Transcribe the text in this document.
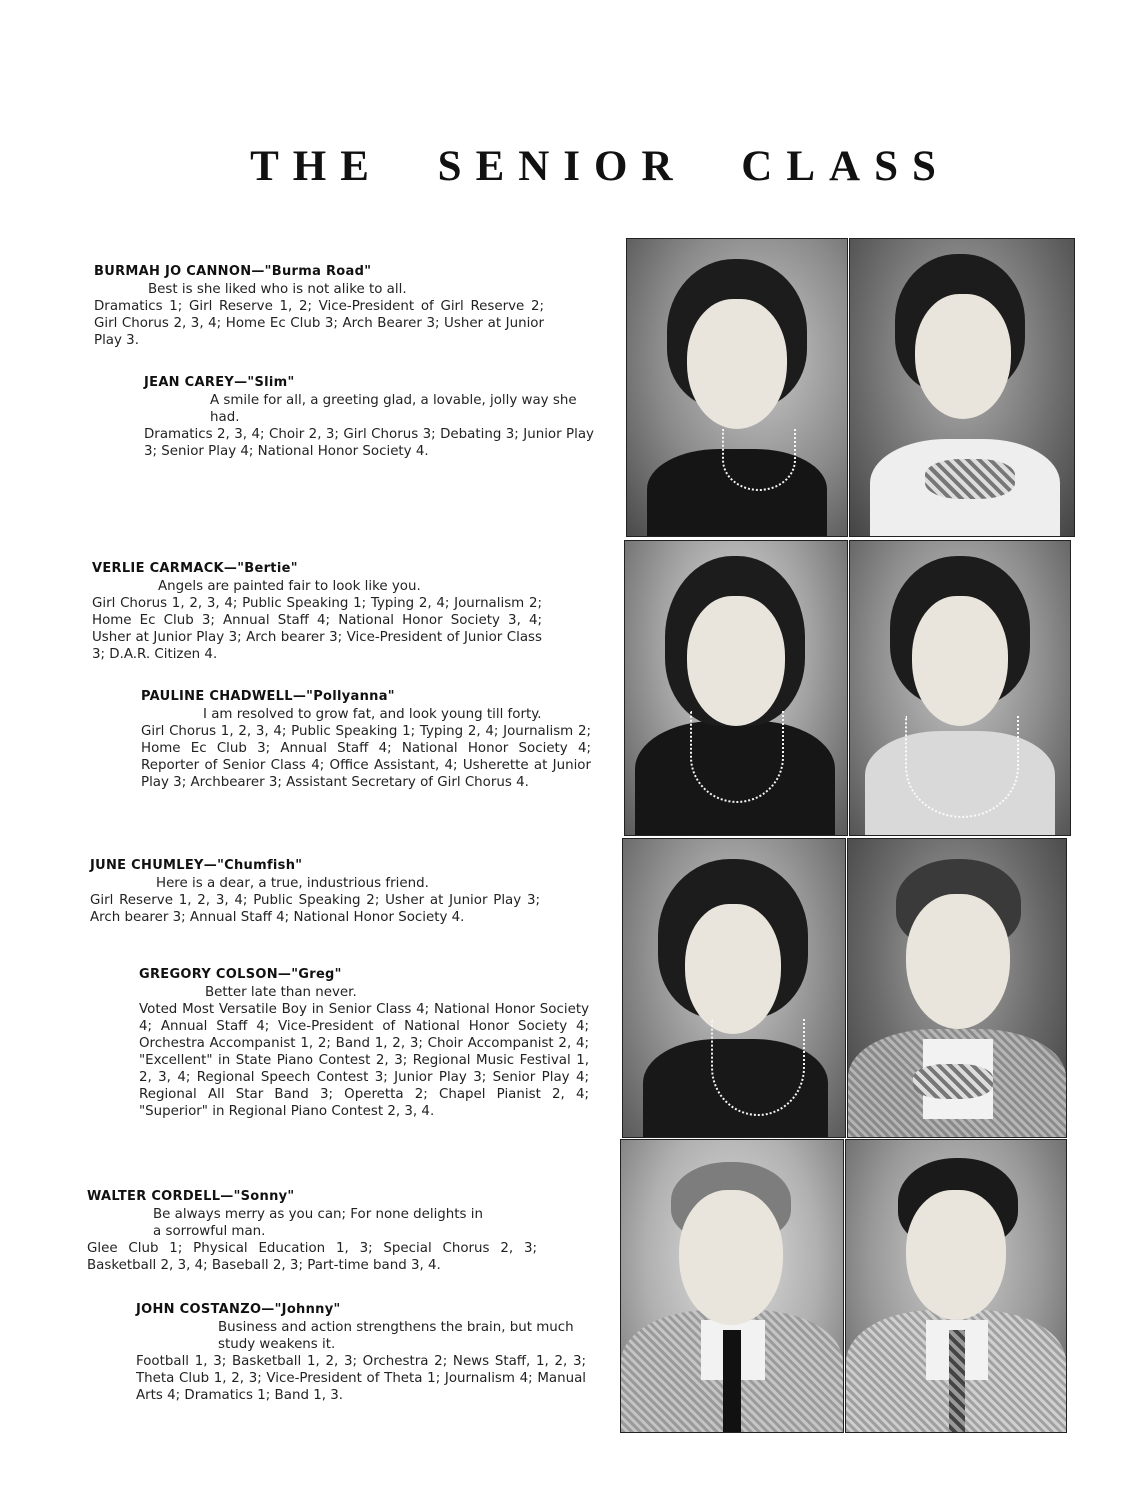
THE SENIOR CLASS
BURMAH JO CANNON—"Burma Road"
Best is she liked who is not alike to all.
Dramatics 1; Girl Reserve 1, 2; Vice-President of Girl Reserve 2; Girl Chorus 2, 3, 4; Home Ec Club 3; Arch Bearer 3; Usher at Junior Play 3.
JEAN CAREY—"Slim"
A smile for all, a greeting glad, a lovable, jolly way she had.
Dramatics 2, 3, 4; Choir 2, 3; Girl Chorus 3; Debating 3; Junior Play 3; Senior Play 4; National Honor Society 4.
VERLIE CARMACK—"Bertie"
Angels are painted fair to look like you.
Girl Chorus 1, 2, 3, 4; Public Speaking 1; Typing 2, 4; Journalism 2; Home Ec Club 3; Annual Staff 4; National Honor Society 3, 4; Usher at Junior Play 3; Arch bearer 3; Vice-President of Junior Class 3; D.A.R. Citizen 4.
PAULINE CHADWELL—"Pollyanna"
I am resolved to grow fat, and look young till forty.
Girl Chorus 1, 2, 3, 4; Public Speaking 1; Typing 2, 4; Journalism 2; Home Ec Club 3; Annual Staff 4; National Honor Society 4; Reporter of Senior Class 4; Office Assistant, 4; Usherette at Junior Play 3; Archbearer 3; Assistant Secretary of Girl Chorus 4.
JUNE CHUMLEY—"Chumfish"
Here is a dear, a true, industrious friend.
Girl Reserve 1, 2, 3, 4; Public Speaking 2; Usher at Junior Play 3; Arch bearer 3; Annual Staff 4; National Honor Society 4.
GREGORY COLSON—"Greg"
Better late than never.
Voted Most Versatile Boy in Senior Class 4; National Honor Society 4; Annual Staff 4; Vice-President of National Honor Society 4; Orchestra Accompanist 1, 2; Band 1, 2, 3; Choir Accompanist 2, 4; "Excellent" in State Piano Contest 2, 3; Regional Music Festival 1, 2, 3, 4; Regional Speech Contest 3; Junior Play 3; Senior Play 4; Regional All Star Band 3; Operetta 2; Chapel Pianist 2, 4; "Superior" in Regional Piano Contest 2, 3, 4.
WALTER CORDELL—"Sonny"
Be always merry as you can; For none delights in a sorrowful man.
Glee Club 1; Physical Education 1, 3; Special Chorus 2, 3; Basketball 2, 3, 4; Baseball 2, 3; Part-time band 3, 4.
JOHN COSTANZO—"Johnny"
Business and action strengthens the brain, but much study weakens it.
Football 1, 3; Basketball 1, 2, 3; Orchestra 2; News Staff, 1, 2, 3; Theta Club 1, 2, 3; Vice-President of Theta 1; Journalism 4; Manual Arts 4; Dramatics 1; Band 1, 3.
